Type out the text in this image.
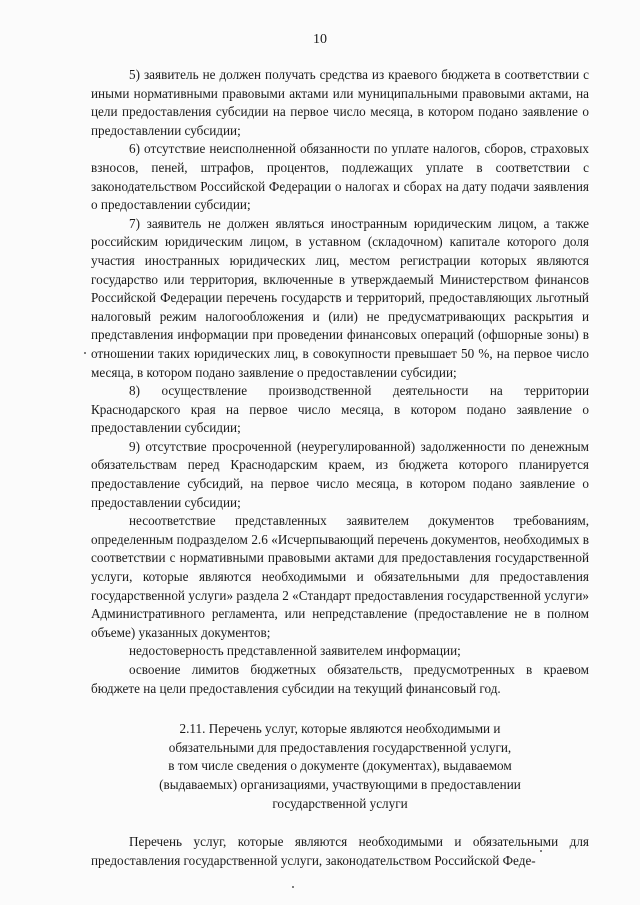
10

5) заявитель не должен получать средства из краевого бюджета в соответствии с иными нормативными правовыми актами или муниципальными правовыми актами, на цели предоставления субсидии на первое число месяца, в котором подано заявление о предоставлении субсидии;

6) отсутствие неисполненной обязанности по уплате налогов, сборов, страховых взносов, пеней, штрафов, процентов, подлежащих уплате в соответствии с законодательством Российской Федерации о налогах и сборах на дату подачи заявления о предоставлении субсидии;

7) заявитель не должен являться иностранным юридическим лицом, а также российским юридическим лицом, в уставном (складочном) капитале которого доля участия иностранных юридических лиц, местом регистрации которых являются государство или территория, включенные в утверждаемый Министерством финансов Российской Федерации перечень государств и территорий, предоставляющих льготный налоговый режим налогообложения и (или) не предусматривающих раскрытия и представления информации при проведении финансовых операций (офшорные зоны) в отношении таких юридических лиц, в совокупности превышает 50 %, на первое число месяца, в котором подано заявление о предоставлении субсидии;

8) осуществление производственной деятельности на территории Краснодарского края на первое число месяца, в котором подано заявление о предоставлении субсидии;

9) отсутствие просроченной (неурегулированной) задолженности по денежным обязательствам перед Краснодарским краем, из бюджета которого планируется предоставление субсидий, на первое число месяца, в котором подано заявление о предоставлении субсидии;

несоответствие представленных заявителем документов требованиям, определенным подразделом 2.6 «Исчерпывающий перечень документов, необходимых в соответствии с нормативными правовыми актами для предоставления государственной услуги, которые являются необходимыми и обязательными для предоставления государственной услуги» раздела 2 «Стандарт предоставления государственной услуги» Административного регламента, или непредставление (предоставление не в полном объеме) указанных документов;

недостоверность представленной заявителем информации;

освоение лимитов бюджетных обязательств, предусмотренных в краевом бюджете на цели предоставления субсидии на текущий финансовый год.

2.11. Перечень услуг, которые являются необходимыми и
обязательными для предоставления государственной услуги,
в том числе сведения о документе (документах), выдаваемом
(выдаваемых) организациями, участвующими в предоставлении
государственной услуги

Перечень услуг, которые являются необходимыми и обязательными для предоставления государственной услуги, законодательством Российской Феде-
